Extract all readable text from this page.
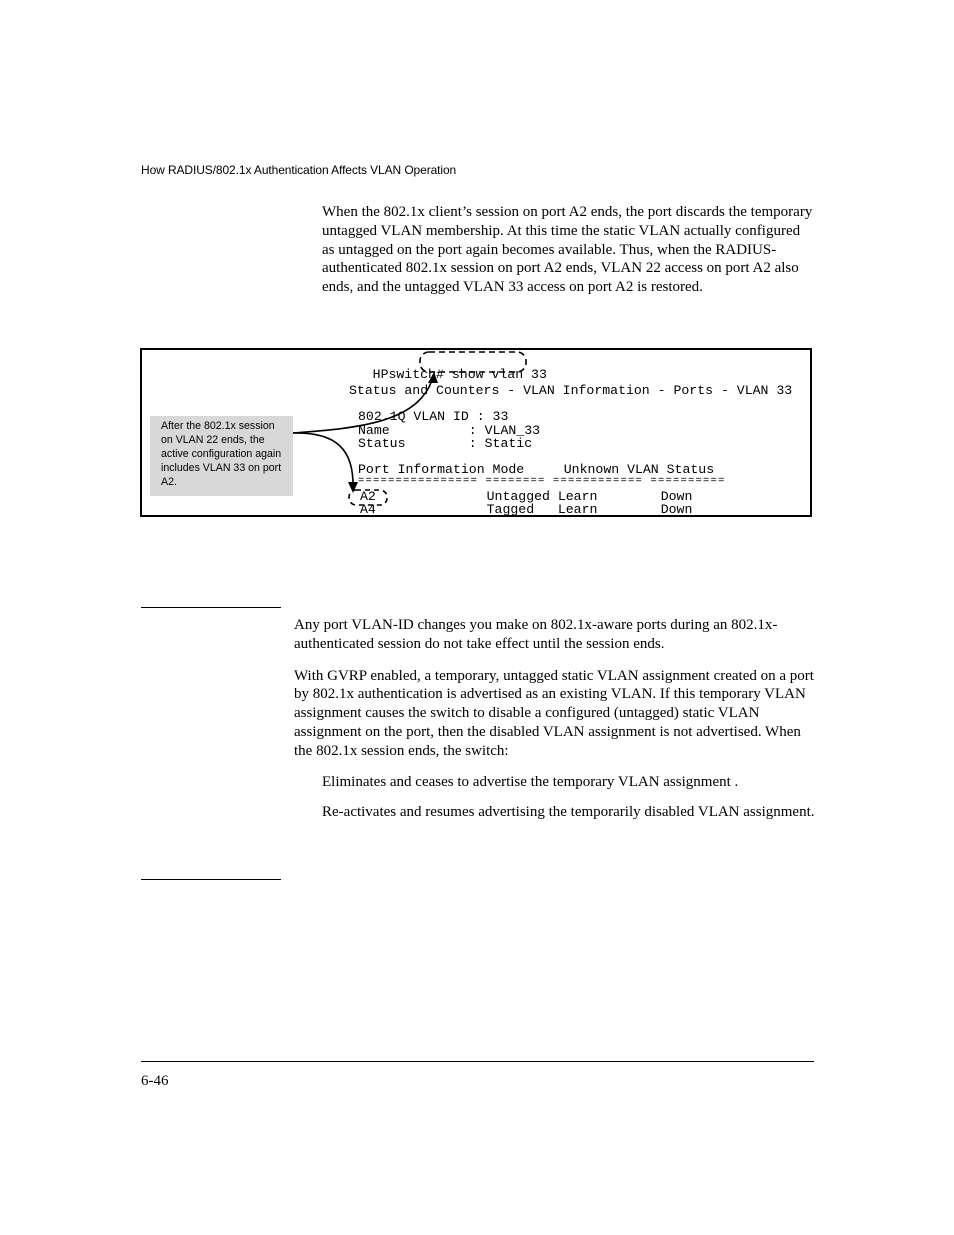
How RADIUS/802.1x Authentication Affects VLAN Operation

When the 802.1x client’s session on port A2 ends, the port discards the temporary untagged VLAN membership. At this time the static VLAN actually configured as untagged on the port again becomes available. Thus, when the RADIUS-authenticated 802.1x session on port A2 ends, VLAN 22 access on port A2 also ends, and the untagged VLAN 33 access on port A2 is restored.

HPswitch# show vlan 33

Status and Counters - VLAN Information - Ports - VLAN 33
802.1Q VLAN ID : 33
Name          : VLAN_33
Status        : Static
Port Information Mode     Unknown VLAN Status
================ ======== ============ ==========
A2              Untagged Learn        Down
A4              Tagged   Learn        Down
After the 802.1x session on VLAN 22 ends, the active configuration again includes VLAN 33 on port A2.

Any port VLAN-ID changes you make on 802.1x-aware ports during an 802.1x-authenticated session do not take effect until the session ends.

With GVRP enabled, a temporary, untagged static VLAN assignment created on a port by 802.1x authentication is advertised as an existing VLAN. If this temporary VLAN assignment causes the switch to disable a configured (untagged) static VLAN assignment on the port, then the disabled VLAN assignment is not advertised. When the 802.1x session ends, the switch:

Eliminates and ceases to advertise the temporary VLAN assignment .
Re-activates and resumes advertising the temporarily disabled VLAN assignment.
6-46
